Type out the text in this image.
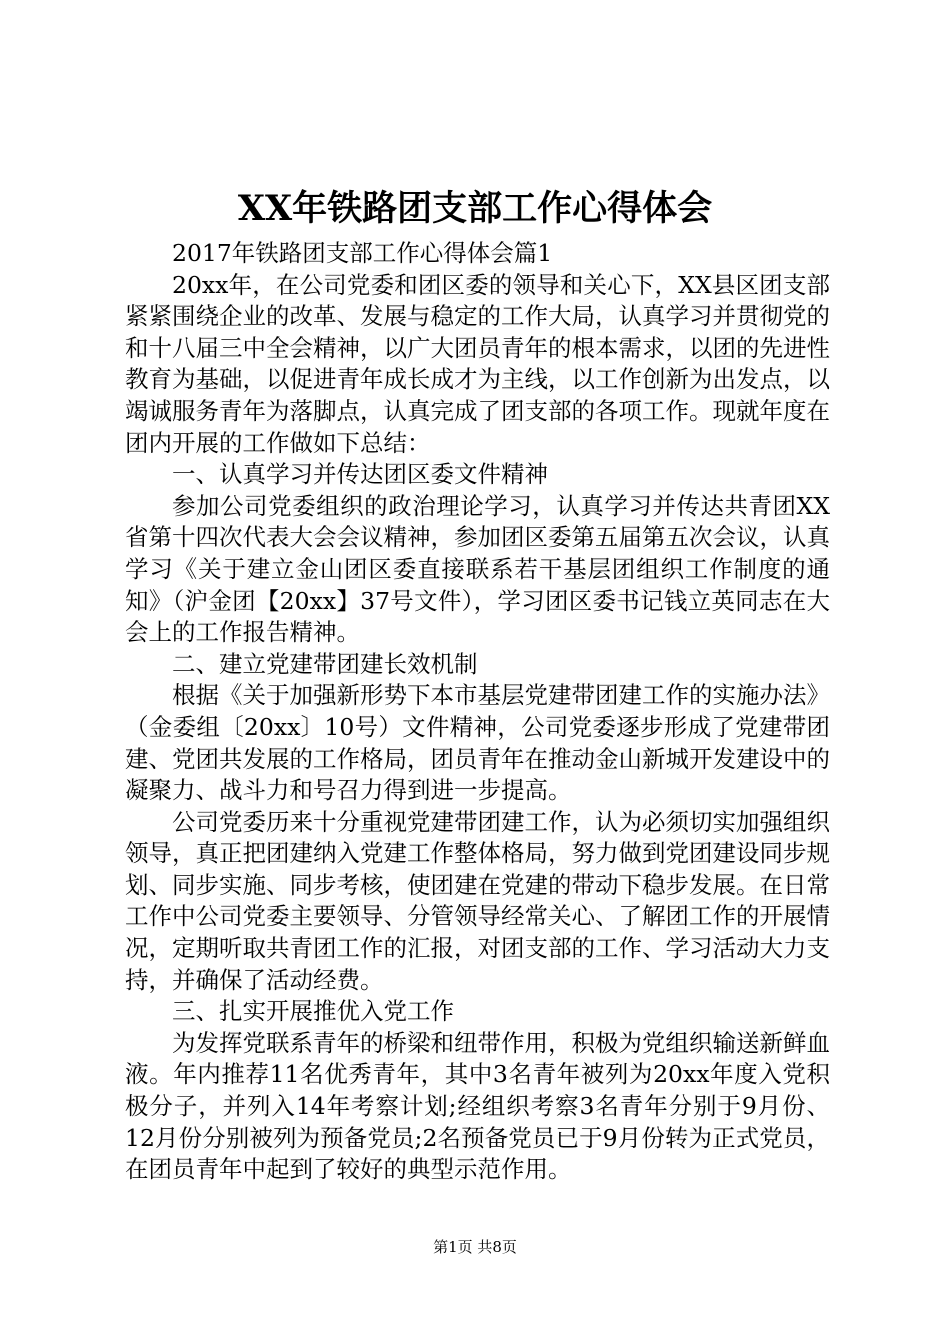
XX年铁路团支部工作心得体会

2017年铁路团支部工作心得体会篇1

20xx年，在公司党委和团区委的领导和关心下，XX县区团支部紧紧围绕企业的改革、发展与稳定的工作大局，认真学习并贯彻党的和十八届三中全会精神，以广大团员青年的根本需求，以团的先进性教育为基础，以促进青年成长成才为主线，以工作创新为出发点，以竭诚服务青年为落脚点，认真完成了团支部的各项工作。现就年度在团内开展的工作做如下总结：

一、认真学习并传达团区委文件精神

参加公司党委组织的政治理论学习，认真学习并传达共青团XX省第十四次代表大会会议精神，参加团区委第五届第五次会议，认真学习《关于建立金山团区委直接联系若干基层团组织工作制度的通知》（沪金团【20xx】37号文件），学习团区委书记钱立英同志在大会上的工作报告精神。

二、建立党建带团建长效机制

根据《关于加强新形势下本市基层党建带团建工作的实施办法》（金委组〔20xx〕10号）文件精神，公司党委逐步形成了党建带团建、党团共发展的工作格局，团员青年在推动金山新城开发建设中的凝聚力、战斗力和号召力得到进一步提高。

公司党委历来十分重视党建带团建工作，认为必须切实加强组织领导，真正把团建纳入党建工作整体格局，努力做到党团建设同步规划、同步实施、同步考核，使团建在党建的带动下稳步发展。在日常工作中公司党委主要领导、分管领导经常关心、了解团工作的开展情况，定期听取共青团工作的汇报，对团支部的工作、学习活动大力支持，并确保了活动经费。

三、扎实开展推优入党工作

为发挥党联系青年的桥梁和纽带作用，积极为党组织输送新鲜血液。年内推荐11名优秀青年，其中3名青年被列为20xx年度入党积极分子，并列入14年考察计划;经组织考察3名青年分别于9月份、12月份分别被列为预备党员;2名预备党员已于9月份转为正式党员，在团员青年中起到了较好的典型示范作用。

第1页 共8页
